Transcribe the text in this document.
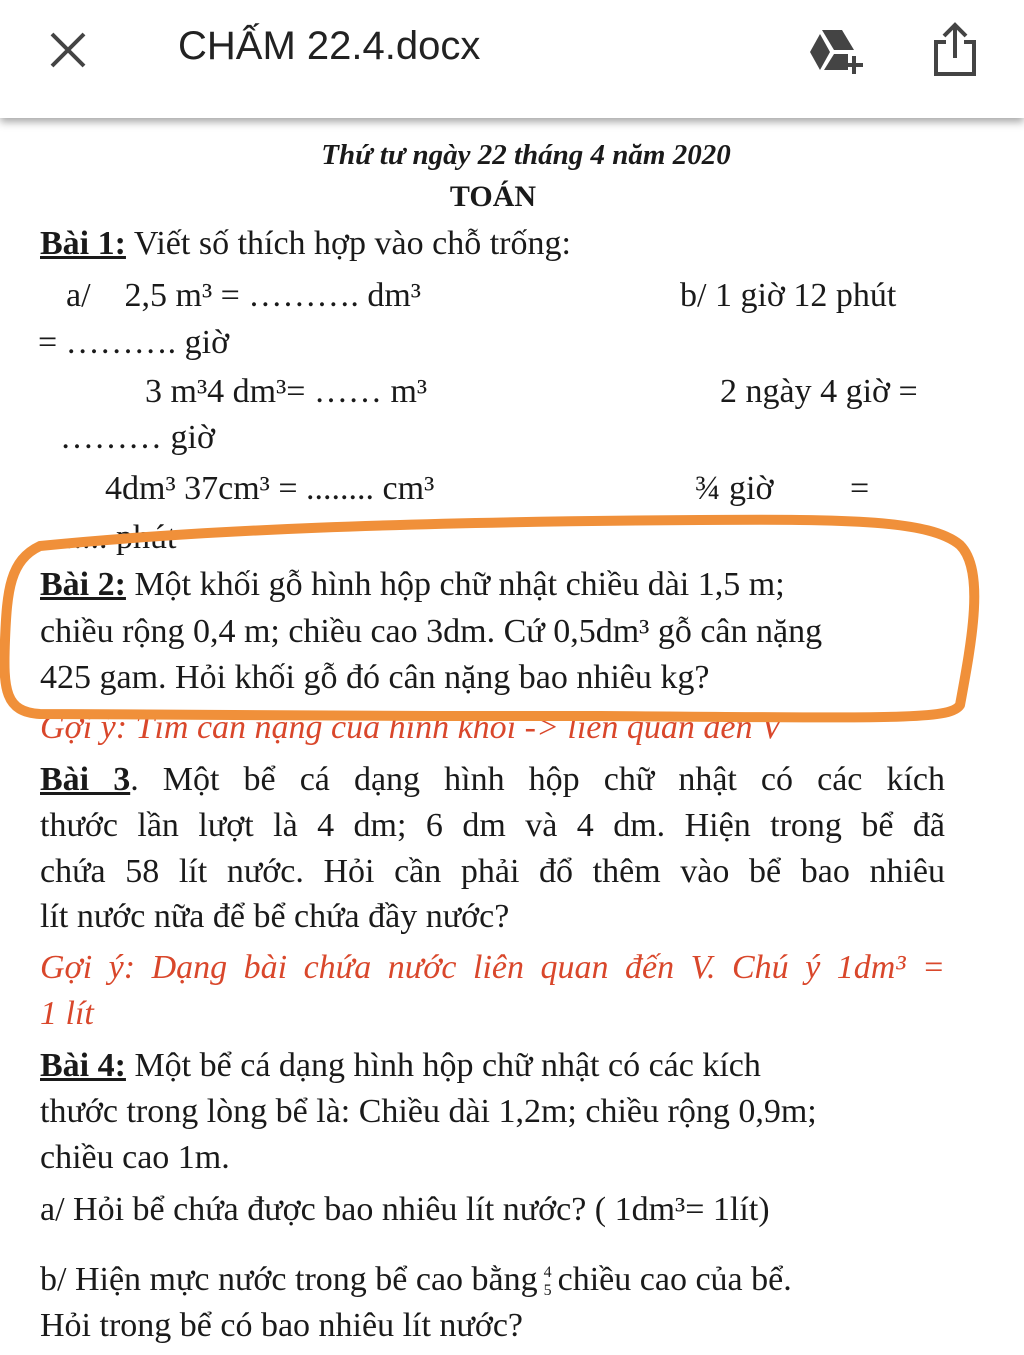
CHẤM 22.4.docx
Thứ tư ngày 22 tháng 4 năm 2020
TOÁN
Bài 1: Viết số thích hợp vào chỗ trống:
a/    2,5 m³ = ………. dm³	b/ 1 giờ 12 phút
= ………. giờ
3 m³4 dm³= …… m³	2 ngày 4 giờ =
……… giờ
4dm³ 37cm³ = ........ cm³	¾ giờ =
....... phút
Bài 2: Một khối gỗ hình hộp chữ nhật chiều dài 1,5 m;
chiều rộng 0,4 m; chiều cao 3dm. Cứ 0,5dm³ gỗ cân nặng
425 gam. Hỏi khối gỗ đó cân nặng bao nhiêu kg?
Gợi ý: Tìm cân nặng của hình khối -> liên quan đến V
Bài 3. Một bể cá dạng hình hộp chữ nhật có các kích
thước lần lượt là 4 dm; 6 dm và 4 dm. Hiện trong bể đã
chứa 58 lít nước. Hỏi cần phải đổ thêm vào bể bao nhiêu
lít nước nữa để bể chứa đầy nước?
Gợi ý: Dạng bài chứa nước liên quan đến V. Chú ý 1dm³ =
1 lít
Bài 4: Một bể cá dạng hình hộp chữ nhật có các kích
thước trong lòng bể là: Chiều dài 1,2m; chiều rộng 0,9m;
chiều cao 1m.
a/ Hỏi bể chứa được bao nhiêu lít nước? ( 1dm³= 1lít)
b/ Hiện mực nước trong bể cao bằng 4
5 chiều cao của bể.
Hỏi trong bể có bao nhiêu lít nước?
